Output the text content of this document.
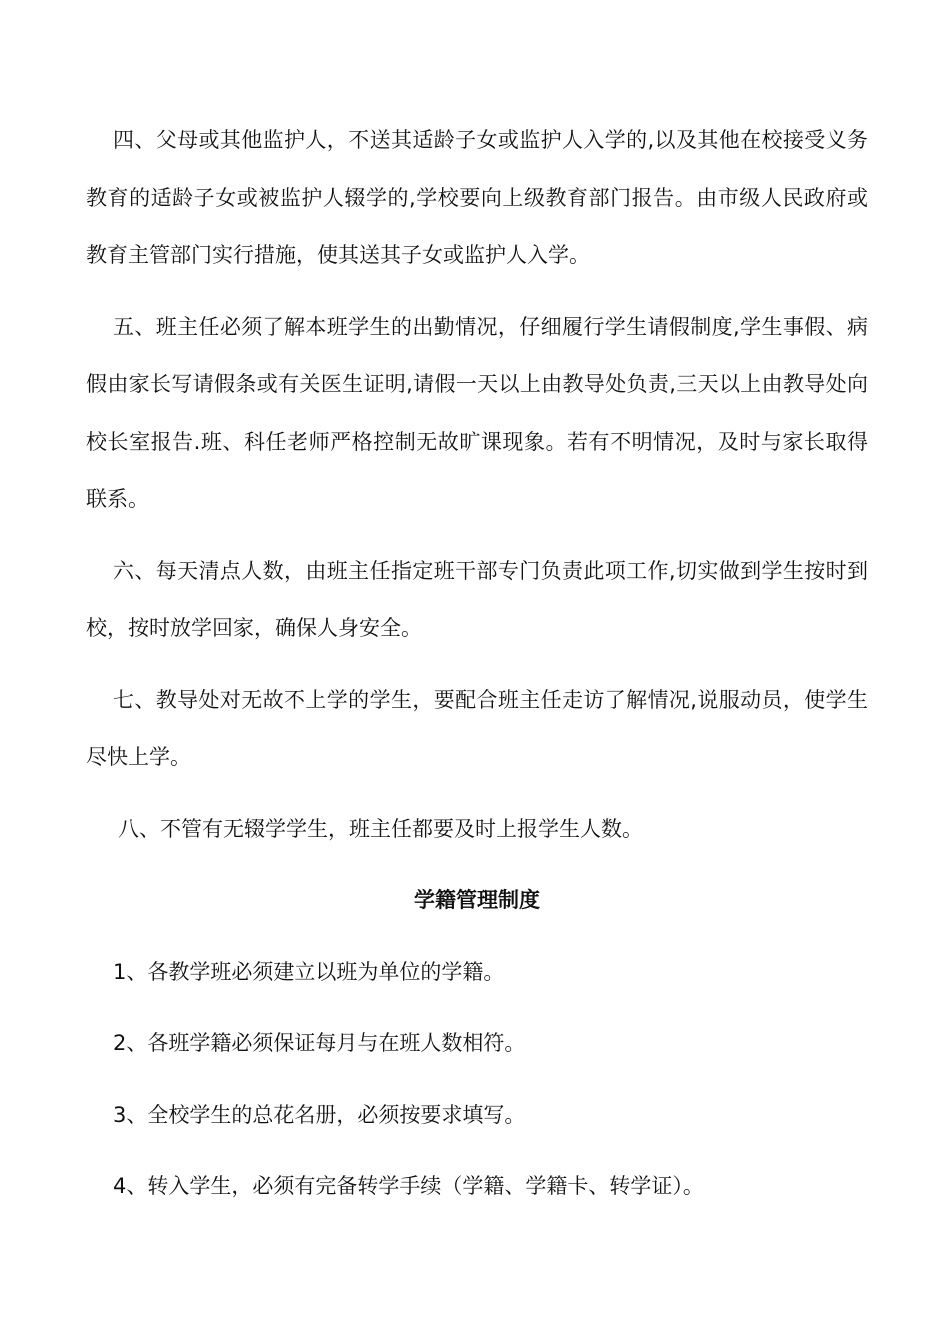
四、父母或其他监护人，不送其适龄子女或监护人入学的,以及其他在校接受义务教育的适龄子女或被监护人辍学的,学校要向上级教育部门报告。由市级人民政府或教育主管部门实行措施，使其送其子女或监护人入学。

五、班主任必须了解本班学生的出勤情况，仔细履行学生请假制度,学生事假、病假由家长写请假条或有关医生证明,请假一天以上由教导处负责,三天以上由教导处向校长室报告.班、科任老师严格控制无故旷课现象。若有不明情况，及时与家长取得联系。

六、每天清点人数，由班主任指定班干部专门负责此项工作,切实做到学生按时到校，按时放学回家，确保人身安全。

七、教导处对无故不上学的学生，要配合班主任走访了解情况,说服动员，使学生尽快上学。

八、不管有无辍学学生，班主任都要及时上报学生人数。

学籍管理制度

1、各教学班必须建立以班为单位的学籍。

2、各班学籍必须保证每月与在班人数相符。

3、全校学生的总花名册，必须按要求填写。

4、转入学生，必须有完备转学手续（学籍、学籍卡、转学证）。
